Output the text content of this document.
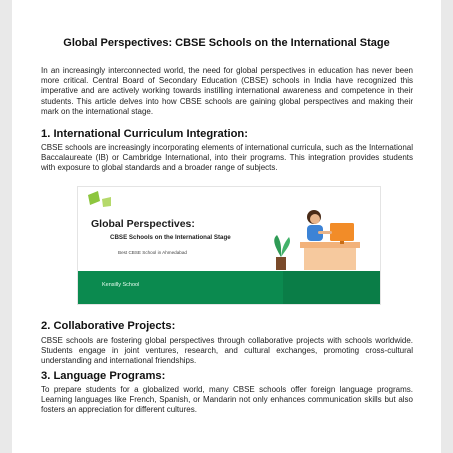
Global Perspectives: CBSE Schools on the International Stage

In an increasingly interconnected world, the need for global perspectives in education has never been more critical. Central Board of Secondary Education (CBSE) schools in India have recognized this imperative and are actively working towards instilling international awareness and competence in their students. This article delves into how CBSE schools are gaining global perspectives and making their mark on the international stage.

1. International Curriculum Integration:

CBSE schools are increasingly incorporating elements of international curricula, such as the International Baccalaureate (IB) or Cambridge International, into their programs. This integration provides students with exposure to global standards and a broader range of subjects.

Global Perspectives:
CBSE Schools on the International Stage
Best CBSE School in Ahmedabad
Kensilly School
2. Collaborative Projects:

CBSE schools are fostering global perspectives through collaborative projects with schools worldwide. Students engage in joint ventures, research, and cultural exchanges, promoting cross-cultural understanding and international friendships.

3. Language Programs:

To prepare students for a globalized world, many CBSE schools offer foreign language programs. Learning languages like French, Spanish, or Mandarin not only enhances communication skills but also fosters an appreciation for different cultures.
